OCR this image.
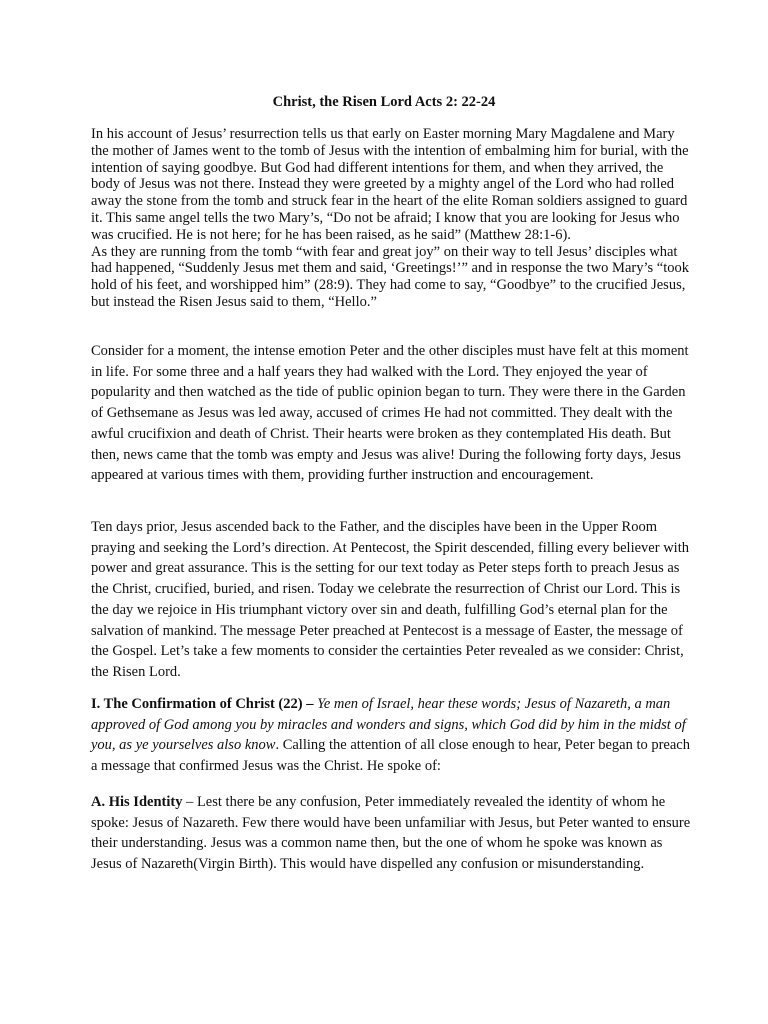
Christ, the Risen Lord Acts 2: 22-24

In his account of Jesus’ resurrection tells us that early on Easter morning Mary Magdalene and Mary the mother of James went to the tomb of Jesus with the intention of embalming him for burial, with the intention of saying goodbye. But God had different intentions for them, and when they arrived, the body of Jesus was not there. Instead they were greeted by a mighty angel of the Lord who had rolled away the stone from the tomb and struck fear in the heart of the elite Roman soldiers assigned to guard it. This same angel tells the two Mary’s, “Do not be afraid; I know that you are looking for Jesus who was crucified. He is not here; for he has been raised, as he said” (Matthew 28:1-6).

As they are running from the tomb “with fear and great joy” on their way to tell Jesus’ disciples what had happened, “Suddenly Jesus met them and said, ‘Greetings!’” and in response the two Mary’s “took hold of his feet, and worshipped him” (28:9). They had come to say, “Goodbye” to the crucified Jesus, but instead the Risen Jesus said to them, “Hello.”

Consider for a moment, the intense emotion Peter and the other disciples must have felt at this moment in life. For some three and a half years they had walked with the Lord. They enjoyed the year of popularity and then watched as the tide of public opinion began to turn. They were there in the Garden of Gethsemane as Jesus was led away, accused of crimes He had not committed. They dealt with the awful crucifixion and death of Christ. Their hearts were broken as they contemplated His death. But then, news came that the tomb was empty and Jesus was alive! During the following forty days, Jesus appeared at various times with them, providing further instruction and encouragement.

Ten days prior, Jesus ascended back to the Father, and the disciples have been in the Upper Room praying and seeking the Lord’s direction. At Pentecost, the Spirit descended, filling every believer with power and great assurance. This is the setting for our text today as Peter steps forth to preach Jesus as the Christ, crucified, buried, and risen. Today we celebrate the resurrection of Christ our Lord. This is the day we rejoice in His triumphant victory over sin and death, fulfilling God’s eternal plan for the salvation of mankind. The message Peter preached at Pentecost is a message of Easter, the message of the Gospel. Let’s take a few moments to consider the certainties Peter revealed as we consider: Christ, the Risen Lord.

I. The Confirmation of Christ (22) – Ye men of Israel, hear these words; Jesus of Nazareth, a man approved of God among you by miracles and wonders and signs, which God did by him in the midst of you, as ye yourselves also know. Calling the attention of all close enough to hear, Peter began to preach a message that confirmed Jesus was the Christ. He spoke of:

A. His Identity – Lest there be any confusion, Peter immediately revealed the identity of whom he spoke: Jesus of Nazareth. Few there would have been unfamiliar with Jesus, but Peter wanted to ensure their understanding. Jesus was a common name then, but the one of whom he spoke was known as Jesus of Nazareth(Virgin Birth). This would have dispelled any confusion or misunderstanding.
